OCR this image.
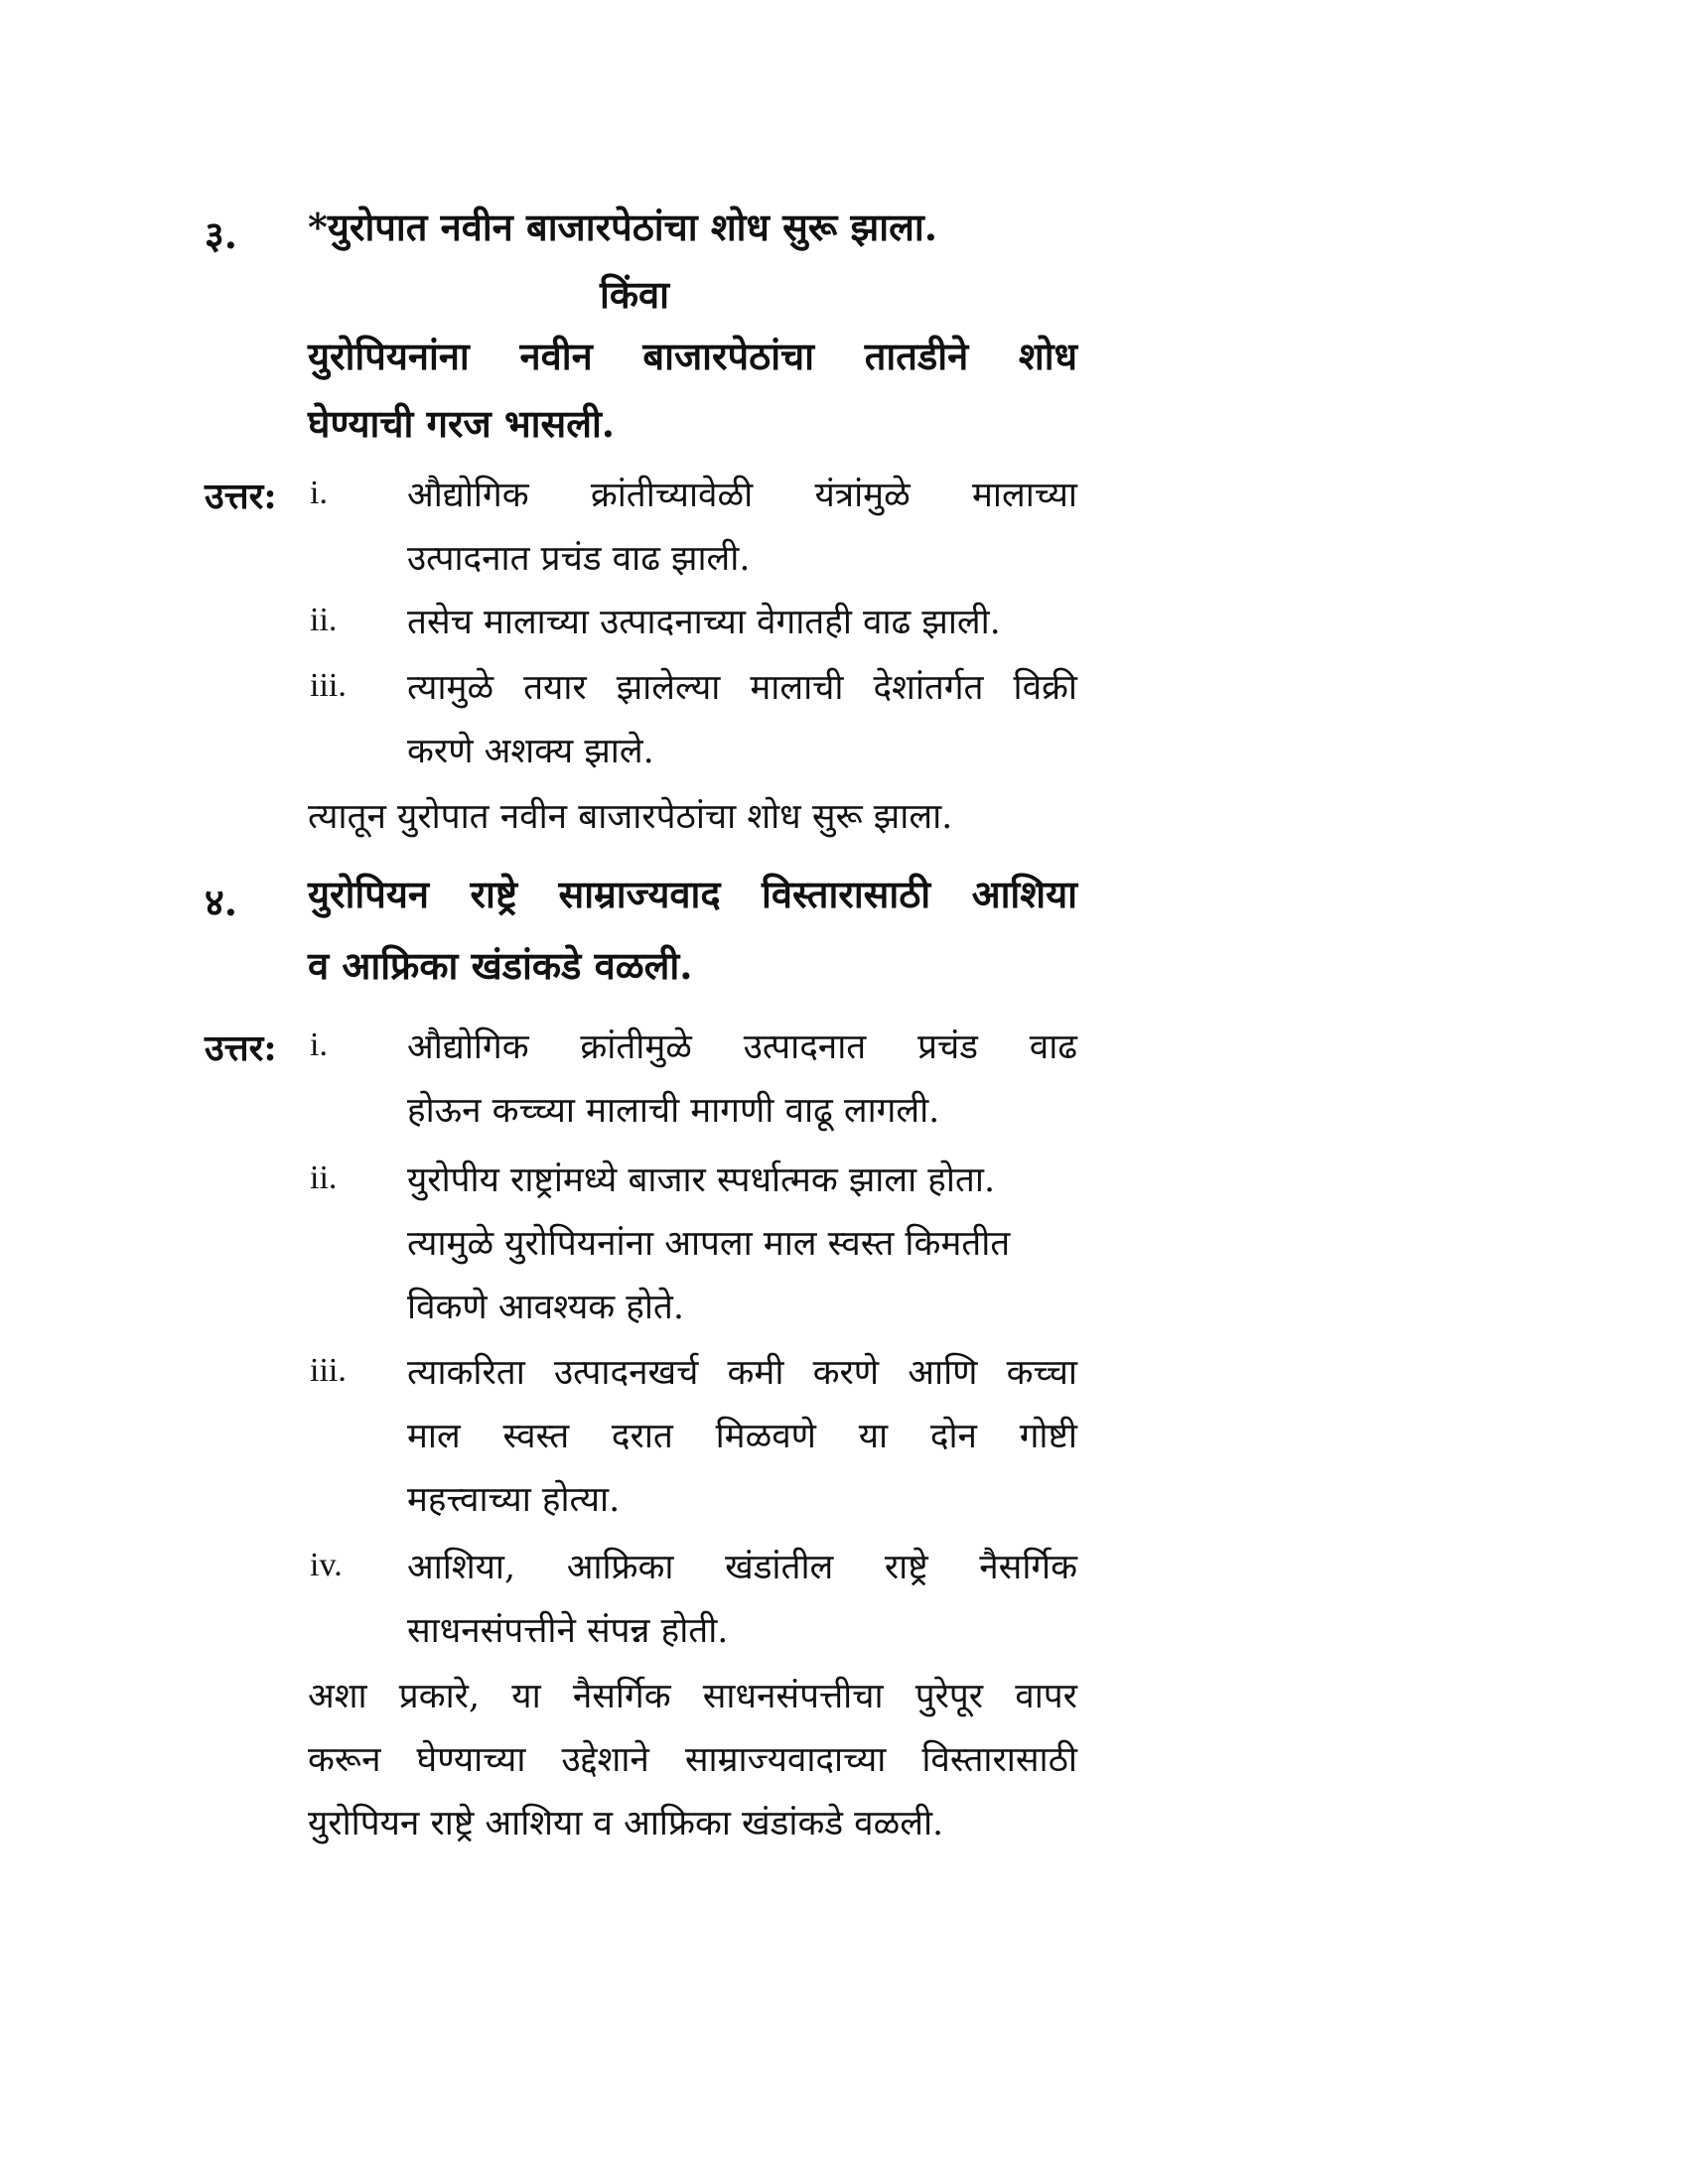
३. *युरोपात नवीन बाजारपेठांचा शोध सुरू झाला.
किंवा
युरोपियनांना नवीन बाजारपेठांचा तातडीने शोध
घेण्याची गरज भासली.
उत्तर: i. औद्योगिक क्रांतीच्यावेळी यंत्रांमुळे मालाच्या
उत्पादनात प्रचंड वाढ झाली.
ii. तसेच मालाच्या उत्पादनाच्या वेगातही वाढ झाली.
iii. त्यामुळे तयार झालेल्या मालाची देशांतर्गत विक्री
करणे अशक्य झाले.
त्यातून युरोपात नवीन बाजारपेठांचा शोध सुरू झाला.
४. युरोपियन राष्ट्रे साम्राज्यवाद विस्तारासाठी आशिया
व आफ्रिका खंडांकडे वळली.
उत्तर: i. औद्योगिक क्रांतीमुळे उत्पादनात प्रचंड वाढ
होऊन कच्च्या मालाची मागणी वाढू लागली.
ii. युरोपीय राष्ट्रांमध्ये बाजार स्पर्धात्मक झाला होता.
त्यामुळे युरोपियनांना आपला माल स्वस्त किमतीत
विकणे आवश्यक होते.
iii. त्याकरिता उत्पादनखर्च कमी करणे आणि कच्चा
माल स्वस्त दरात मिळवणे या दोन गोष्टी
महत्त्वाच्या होत्या.
iv. आशिया, आफ्रिका खंडांतील राष्ट्रे नैसर्गिक
साधनसंपत्तीने संपन्न होती.
अशा प्रकारे, या नैसर्गिक साधनसंपत्तीचा पुरेपूर वापर
करून घेण्याच्या उद्देशाने साम्राज्यवादाच्या विस्तारासाठी
युरोपियन राष्ट्रे आशिया व आफ्रिका खंडांकडे वळली.
